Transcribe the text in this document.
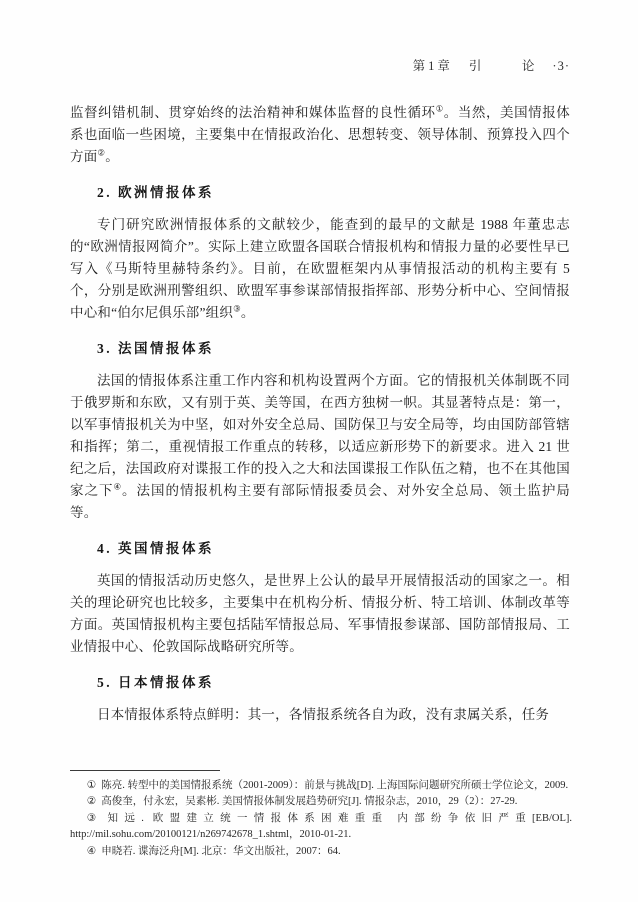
第1章 引　论 ·3·

监督纠错机制、贯穿始终的法治精神和媒体监督的良性循环①。当然，美国情报体系也面临一些困境，主要集中在情报政治化、思想转变、领导体制、预算投入四个方面②。

2. 欧洲情报体系

专门研究欧洲情报体系的文献较少，能查到的最早的文献是 1988 年董忠志的“欧洲情报网简介”。实际上建立欧盟各国联合情报机构和情报力量的必要性早已写入《马斯特里赫特条约》。目前，在欧盟框架内从事情报活动的机构主要有 5 个，分别是欧洲刑警组织、欧盟军事参谋部情报指挥部、形势分析中心、空间情报中心和“伯尔尼俱乐部”组织③。

3. 法国情报体系

法国的情报体系注重工作内容和机构设置两个方面。它的情报机关体制既不同于俄罗斯和东欧，又有别于英、美等国，在西方独树一帜。其显著特点是：第一，以军事情报机关为中坚，如对外安全总局、国防保卫与安全局等，均由国防部管辖和指挥；第二，重视情报工作重点的转移，以适应新形势下的新要求。进入 21 世纪之后，法国政府对谍报工作的投入之大和法国谍报工作队伍之精，也不在其他国家之下④。法国的情报机构主要有部际情报委员会、对外安全总局、领土监护局等。

4. 英国情报体系

英国的情报活动历史悠久，是世界上公认的最早开展情报活动的国家之一。相关的理论研究也比较多，主要集中在机构分析、情报分析、特工培训、体制改革等方面。英国情报机构主要包括陆军情报总局、军事情报参谋部、国防部情报局、工业情报中心、伦敦国际战略研究所等。

5. 日本情报体系

日本情报体系特点鲜明：其一，各情报系统各自为政，没有隶属关系，任务

① 陈亮. 转型中的美国情报系统（2001-2009）：前景与挑战[D]. 上海国际问题研究所硕士学位论文，2009.

② 高俊奎，付永宏，吴素彬. 美国情报体制发展趋势研究[J]. 情报杂志，2010，29（2）：27-29.

③ 知远. 欧盟建立统一情报体系困难重重 内部纷争依旧严重[EB/OL]. http://mil.sohu.com/20100121/n269742678_1.shtml，2010-01-21.

④ 申晓若. 谍海泛舟[M]. 北京：华文出版社，2007：64.
